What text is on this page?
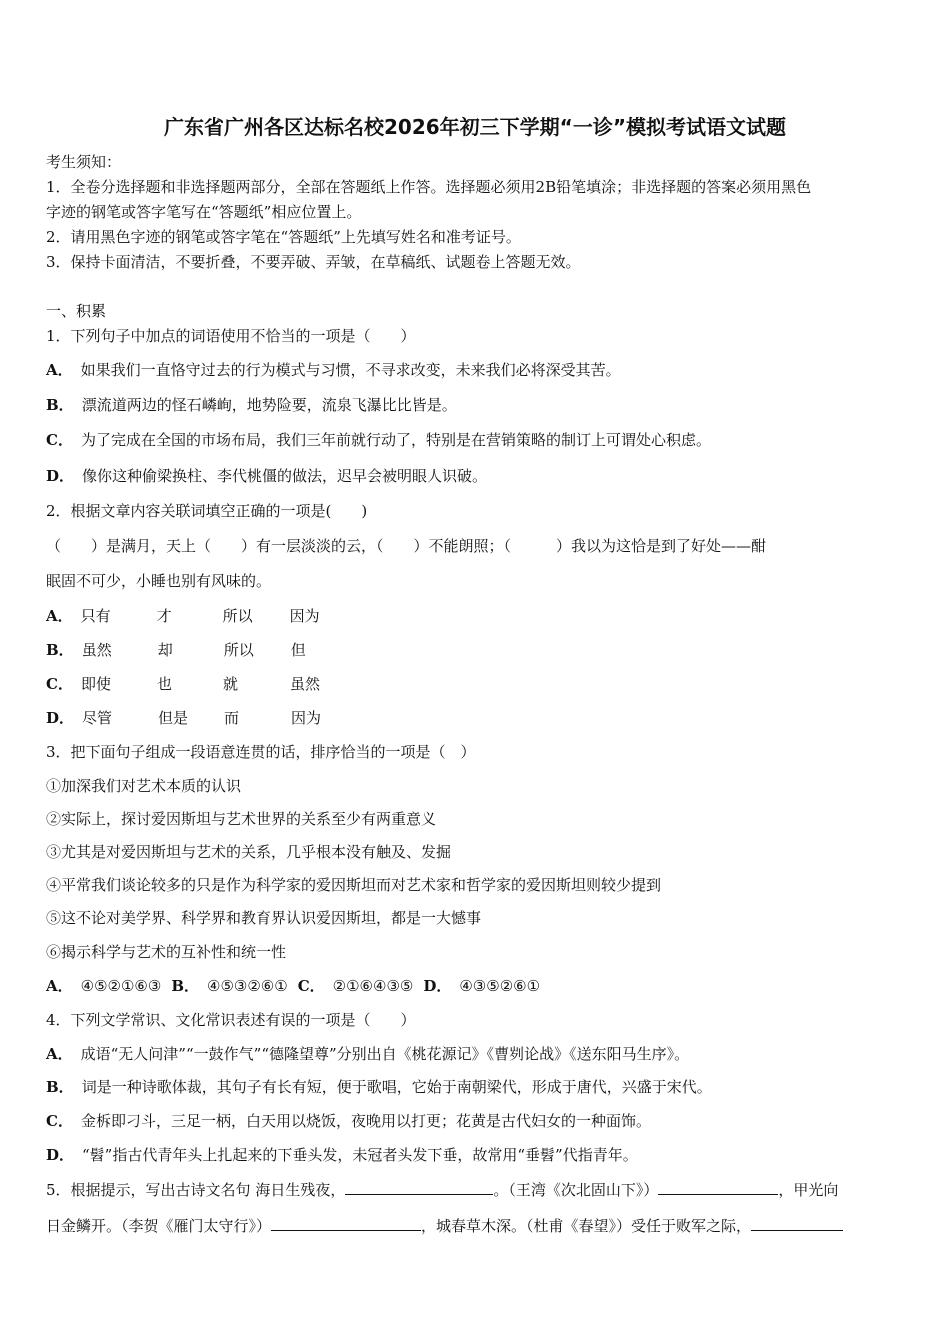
广东省广州各区达标名校2026年初三下学期“一诊”模拟考试语文试题
考生须知：
1．全卷分选择题和非选择题两部分，全部在答题纸上作答。选择题必须用2B铅笔填涂；非选择题的答案必须用黑色
字迹的钢笔或答字笔写在“答题纸”相应位置上。
2．请用黑色字迹的钢笔或答字笔在“答题纸”上先填写姓名和准考证号。
3．保持卡面清洁，不要折叠，不要弄破、弄皱，在草稿纸、试题卷上答题无效。
一、积累
1．下列句子中加点的词语使用不恰当的一项是（　　）
A． 如果我们一直恪守过去的行为模式与习惯，不寻求改变，未来我们必将深受其苦。
B． 漂流道两边的怪石嶙峋，地势险要，流泉飞瀑比比皆是。
C． 为了完成在全国的市场布局，我们三年前就行动了，特别是在营销策略的制订上可谓处心积虑。
D． 像你这种偷梁换柱、李代桃僵的做法，迟早会被明眼人识破。
2．根据文章内容关联词填空正确的一项是(　　)
（　　）是满月，天上（　　）有一层淡淡的云，（　　）不能朗照；（　　　）我以为这恰是到了好处——酣
眠固不可少，小睡也别有风味的。
A． 只有	才	所以 因为
B． 虽然	却	所以 但
C． 即使	也	就	虽然
D． 尽管	但是 而	因为
3．把下面句子组成一段语意连贯的话，排序恰当的一项是（　）
①加深我们对艺术本质的认识
②实际上，探讨爱因斯坦与艺术世界的关系至少有两重意义
③尤其是对爱因斯坦与艺术的关系，几乎根本没有触及、发掘
④平常我们谈论较多的只是作为科学家的爱因斯坦而对艺术家和哲学家的爱因斯坦则较少提到
⑤这不论对美学界、科学界和教育界认识爱因斯坦，都是一大憾事
⑥揭示科学与艺术的互补性和统一性
A． ④⑤②①⑥③ B． ④⑤③②⑥① C． ②①⑥④③⑤ D． ④③⑤②⑥①
4．下列文学常识、文化常识表述有误的一项是（　　）
A． 成语“无人问津”“一鼓作气”“德隆望尊”分别出自《桃花源记》《曹刿论战》《送东阳马生序》。
B． 词是一种诗歌体裁，其句子有长有短，便于歌唱，它始于南朝梁代，形成于唐代，兴盛于宋代。
C． 金柝即刁斗，三足一柄，白天用以烧饭，夜晚用以打更；花黄是古代妇女的一种面饰。
D． “髫”指古代青年头上扎起来的下垂头发，未冠者头发下垂，故常用“垂髫”代指青年。
5．根据提示，写出古诗文名句 海日生残夜，	。（王湾《次北固山下》）	，甲光向
日金鳞开。（李贺《雁门太守行》）	，城春草木深。（杜甫《春望》）受任于败军之际，
